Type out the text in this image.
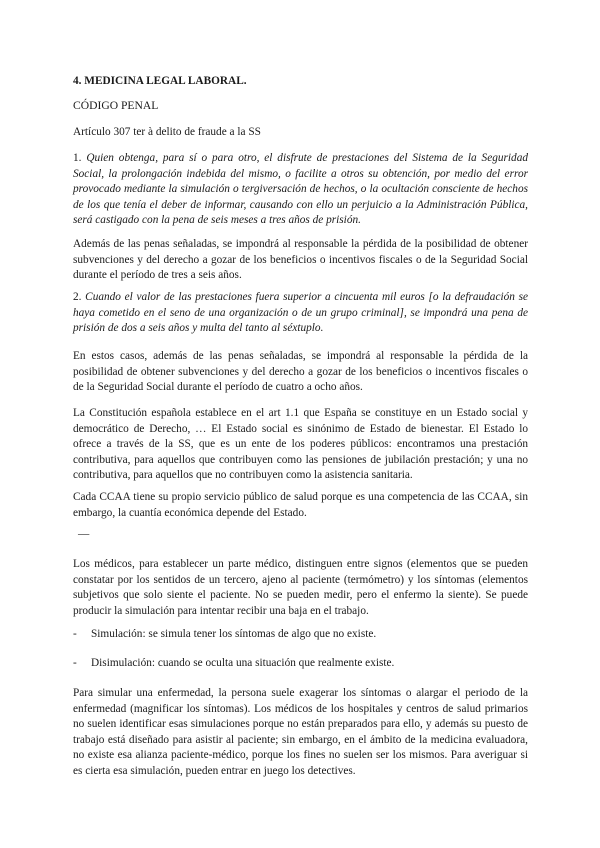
4. MEDICINA LEGAL LABORAL.

CÓDIGO PENAL

Artículo 307 ter à delito de fraude a la SS

1. Quien obtenga, para sí o para otro, el disfrute de prestaciones del Sistema de la Seguridad Social, la prolongación indebida del mismo, o facilite a otros su obtención, por medio del error provocado mediante la simulación o tergiversación de hechos, o la ocultación consciente de hechos de los que tenía el deber de informar, causando con ello un perjuicio a la Administración Pública, será castigado con la pena de seis meses a tres años de prisión.

Además de las penas señaladas, se impondrá al responsable la pérdida de la posibilidad de obtener subvenciones y del derecho a gozar de los beneficios o incentivos fiscales o de la Seguridad Social durante el período de tres a seis años.

2. Cuando el valor de las prestaciones fuera superior a cincuenta mil euros [o la defraudación se haya cometido en el seno de una organización o de un grupo criminal], se impondrá una pena de prisión de dos a seis años y multa del tanto al séxtuplo.

En estos casos, además de las penas señaladas, se impondrá al responsable la pérdida de la posibilidad de obtener subvenciones y del derecho a gozar de los beneficios o incentivos fiscales o de la Seguridad Social durante el período de cuatro a ocho años.

La Constitución española establece en el art 1.1 que España se constituye en un Estado social y democrático de Derecho, … El Estado social es sinónimo de Estado de bienestar. El Estado lo ofrece a través de la SS, que es un ente de los poderes públicos: encontramos una prestación contributiva, para aquellos que contribuyen como las pensiones de jubilación prestación; y una no contributiva, para aquellos que no contribuyen como la asistencia sanitaria.

Cada CCAA tiene su propio servicio público de salud porque es una competencia de las CCAA, sin embargo, la cuantía económica depende del Estado.

—

Los médicos, para establecer un parte médico, distinguen entre signos (elementos que se pueden constatar por los sentidos de un tercero, ajeno al paciente (termómetro) y los síntomas (elementos subjetivos que solo siente el paciente. No se pueden medir, pero el enfermo la siente). Se puede producir la simulación para intentar recibir una baja en el trabajo.

- Simulación: se simula tener los síntomas de algo que no existe.
- Disimulación: cuando se oculta una situación que realmente existe.

Para simular una enfermedad, la persona suele exagerar los síntomas o alargar el periodo de la enfermedad (magnificar los síntomas). Los médicos de los hospitales y centros de salud primarios no suelen identificar esas simulaciones porque no están preparados para ello, y además su puesto de trabajo está diseñado para asistir al paciente; sin embargo, en el ámbito de la medicina evaluadora, no existe esa alianza paciente-médico, porque los fines no suelen ser los mismos. Para averiguar si es cierta esa simulación, pueden entrar en juego los detectives.
